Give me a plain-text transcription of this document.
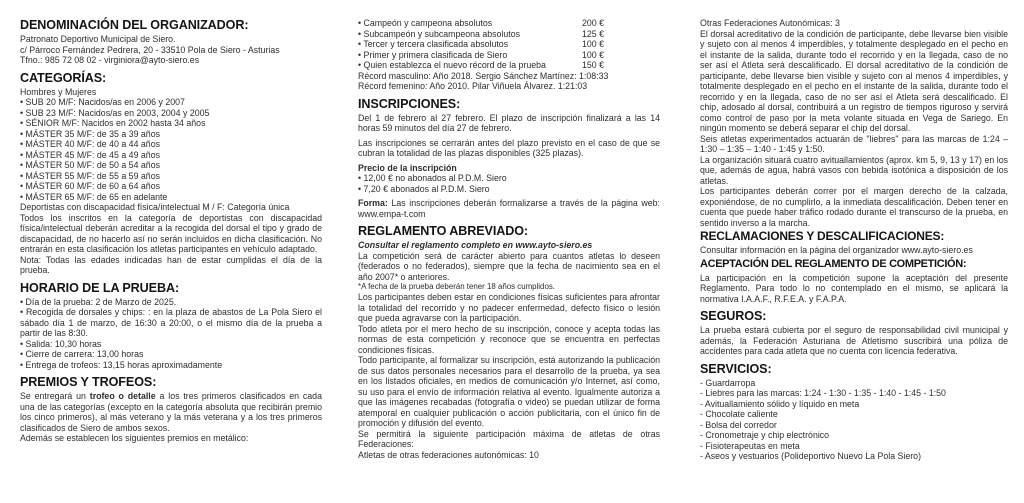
DENOMINACIÓN DEL ORGANIZADOR:

Patronato Deportivo Municipal de Siero.

c/ Párroco Fernández Pedrera, 20 - 33510 Pola de Siero - Asturias

Tfno.: 985 72 08 02 - virginiora@ayto-siero.es

CATEGORÍAS:

Hombres y Mujeres

• SUB 20 M/F: Nacidos/as en 2006 y 2007
• SUB 23 M/F: Nacidos/as en 2003, 2004 y 2005
• SÉNIOR M/F: Nacidos en 2002 hasta 34 años
• MÁSTER 35 M/F: de 35 a 39 años
• MÁSTER 40 M/F: de 40 a 44 años
• MÁSTER 45 M/F: de 45 a 49 años
• MÁSTER 50 M/F: de 50 a 54 años
• MÁSTER 55 M/F: de 55 a 59 años
• MÁSTER 60 M/F: de 60 a 64 años
• MÁSTER 65 M/F: de 65 en adelante

Deportistas con discapacidad física/intelectual M / F: Categoría única

Todos los inscritos en la categoría de deportistas con discapacidad física/intelectual deberán acreditar a la recogida del dorsal el tipo y grado de discapacidad, de no hacerlo así no serán incluidos en dicha clasificación. No entrarán en esta clasificación los atletas participantes en vehículo adaptado.

Nota: Todas las edades indicadas han de estar cumplidas el día de la prueba.

HORARIO DE LA PRUEBA:
• Día de la prueba: 2 de Marzo de 2025.
• Recogida de dorsales y chips: : en la plaza de abastos de La Pola Siero el sábado día 1 de marzo, de 16:30 a 20:00, o el mismo día de la prueba a partir de las 8:30.
• Salida: 10,30 horas
• Cierre de carrera: 13,00 horas
• Entrega de trofeos: 13,15 horas aproximadamente
PREMIOS Y TROFEOS:

Se entregará un trofeo o detalle a los tres primeros clasificados en cada una de las categorías (excepto en la categoría absoluta que recibirán premio los cinco primeros), al más veterano y la más veterana y a los tres primeros clasificados de Siero de ambos sexos.

Además se establecen los siguientes premios en metálico:

• Campeón y campeona absolutos	200 €
• Subcampeón y subcampeona absolutos	125 €
• Tercer y tercera clasificada absolutos	100 €
• Primer y primera clasificada de Siero	100 €
• Quien establezca el nuevo récord de la prueba	150 €

Récord masculino: Año 2018. Sergio Sánchez Martínez: 1:08:33

Récord femenino: Año 2010. Pilar Viñuela Álvarez. 1:21:03

INSCRIPCIONES:

Del 1 de febrero al 27 febrero. El plazo de inscripción finalizará a las 14 horas 59 minutos del día 27 de febrero.

Las inscripciones se cerrarán antes del plazo previsto en el caso de que se cubran la totalidad de las plazas disponibles (325 plazas).

Precio de la inscripción

• 12,00 € no abonados al P.D.M. Siero
• 7,20 € abonados al P.D.M. Siero

Forma: Las inscripciones deberán formalizarse a través de la página web: www.empa-t.com

REGLAMENTO ABREVIADO:

Consultar el reglamento completo en www.ayto-siero.es

La competición será de carácter abierto para cuantos atletas lo deseen (federados o no federados), siempre que la fecha de nacimiento sea en el año 2007* o anteriores.

*A fecha de la prueba deberán tener 18 años cumplidos.

Los participantes deben estar en condiciones físicas suficientes para afrontar la totalidad del recorrido y no padecer enfermedad, defecto físico o lesión que pueda agravarse con la participación.

Todo atleta por el mero hecho de su inscripción, conoce y acepta todas las normas de esta competición y reconoce que se encuentra en perfectas condiciones físicas.

Todo participante, al formalizar su inscripción, está autorizando la publicación de sus datos personales necesarios para el desarrollo de la prueba, ya sea en los listados oficiales, en medios de comunicación y/o Internet, así como, su uso para el envío de información relativa al evento. Igualmente autoriza a que las imágenes recabadas (fotografía o video) se puedan utilizar de forma atemporal en cualquier publicación o acción publicitaria, con el único fin de promoción y difusión del evento.

Se permitirá la siguiente participación máxima de atletas de otras Federaciones:

Atletas de otras federaciones autonómicas: 10

Otras Federaciones Autonómicas: 3

El dorsal acreditativo de la condición de participante, debe llevarse bien visible y sujeto con al menos 4 imperdibles, y totalmente desplegado en el pecho en el instante de la salida, durante todo el recorrido y en la llegada, caso de no ser así el Atleta será descalificado. El dorsal acreditativo de la condición de participante, debe llevarse bien visible y sujeto con al menos 4 imperdibles, y totalmente desplegado en el pecho en el instante de la salida, durante todo el recorrido y en la llegada, caso de no ser así el Atleta será descalificado. El chip, adosado al dorsal, contribuirá a un registro de tiempos riguroso y servirá como control de paso por la meta volante situada en Vega de Sariego. En ningún momento se deberá separar el chip del dorsal.

Seis atletas experimentados actuarán de "liebres" para las marcas de 1:24 – 1:30 – 1:35 – 1:40 - 1:45 y 1:50.

La organización situará cuatro avituallamientos (aprox. km 5, 9, 13 y 17) en los que, además de agua, habrá vasos con bebida isotónica a disposición de los atletas.

Los participantes deberán correr por el margen derecho de la calzada, exponiéndose, de no cumplirlo, a la inmediata descalificación. Deben tener en cuenta que puede haber tráfico rodado durante el transcurso de la prueba, en sentido inverso a la marcha.

RECLAMACIONES Y DESCALIFICACIONES:

Consultar información en la página del organizador www.ayto-siero.es

ACEPTACIÓN DEL REGLAMENTO DE COMPETICIÓN:

La participación en la competición supone la aceptación del presente Reglamento. Para todo lo no contemplado en el mismo, se aplicará la normativa I.A.A.F., R.F.E.A. y F.A.P.A.

SEGUROS:

La prueba estará cubierta por el seguro de responsabilidad civil municipal y además, la Federación Asturiana de Atletismo suscribirá una póliza de accidentes para cada atleta que no cuenta con licencia federativa.

SERVICIOS:
- Guardarropa
- Liebres para las marcas: 1:24 - 1:30 - 1:35 - 1:40 - 1:45 - 1:50
- Avituallamiento sólido y líquido en meta
- Chocolate caliente
- Bolsa del corredor
- Cronometraje y chip electrónico
- Fisioterapeutas en meta
- Aseos y vestuarios (Polideportivo Nuevo La Pola Siero)
